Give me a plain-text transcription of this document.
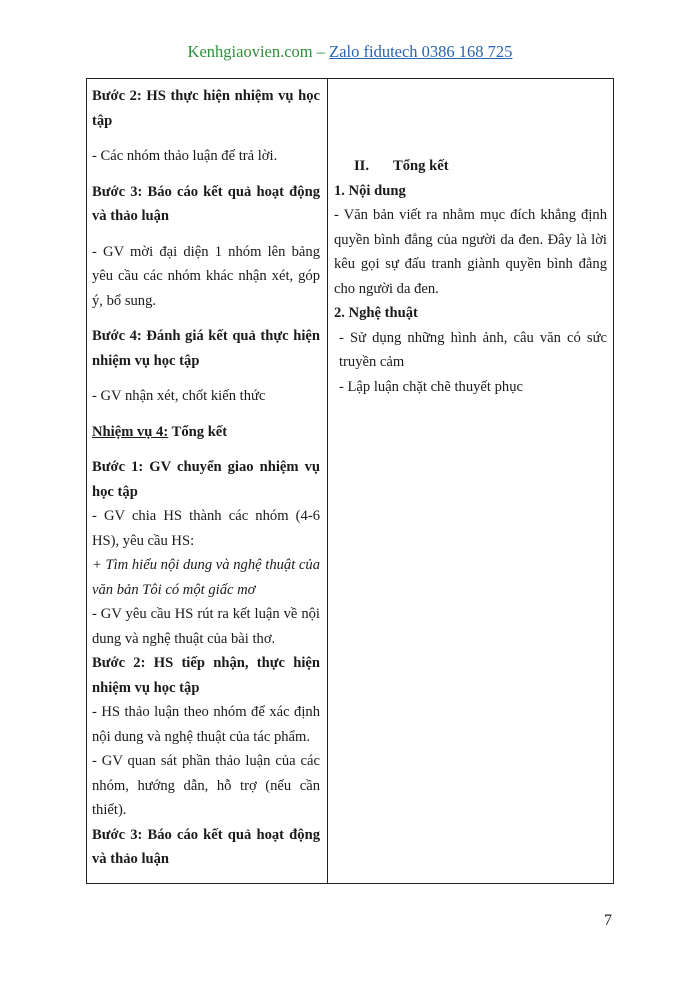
Kenhgiaovien.com – Zalo fidutech 0386 168 725

Bước 2: HS thực hiện nhiệm vụ học tập

- Các nhóm thảo luận để trả lời.

Bước 3: Báo cáo kết quả hoạt động và thảo luận

- GV mời đại diện 1 nhóm lên bảng yêu cầu các nhóm khác nhận xét, góp ý, bổ sung.

Bước 4: Đánh giá kết quả thực hiện nhiệm vụ học tập

- GV nhận xét, chốt kiến thức

Nhiệm vụ 4: Tổng kết

Bước 1: GV chuyển giao nhiệm vụ học tập

- GV chia HS thành các nhóm (4-6 HS), yêu cầu HS:

+ Tìm hiểu nội dung và nghệ thuật của văn bản Tôi có một giấc mơ

- GV yêu cầu HS rút ra kết luận về nội dung và nghệ thuật của bài thơ.

Bước 2: HS tiếp nhận, thực hiện nhiệm vụ học tập

- HS thảo luận theo nhóm để xác định nội dung và nghệ thuật của tác phẩm.

- GV quan sát phần thảo luận của các nhóm, hướng dẫn, hỗ trợ (nếu cần thiết).

Bước 3: Báo cáo kết quả hoạt động và thảo luận

II. Tổng kết

1. Nội dung

- Văn bản viết ra nhằm mục đích khẳng định quyền bình đẳng của người da đen. Đây là lời kêu gọi sự đấu tranh giành quyền bình đẳng cho người da đen.

2. Nghệ thuật

- Sử dụng những hình ảnh, câu văn có sức truyền cảm

- Lập luận chặt chẽ thuyết phục

7
